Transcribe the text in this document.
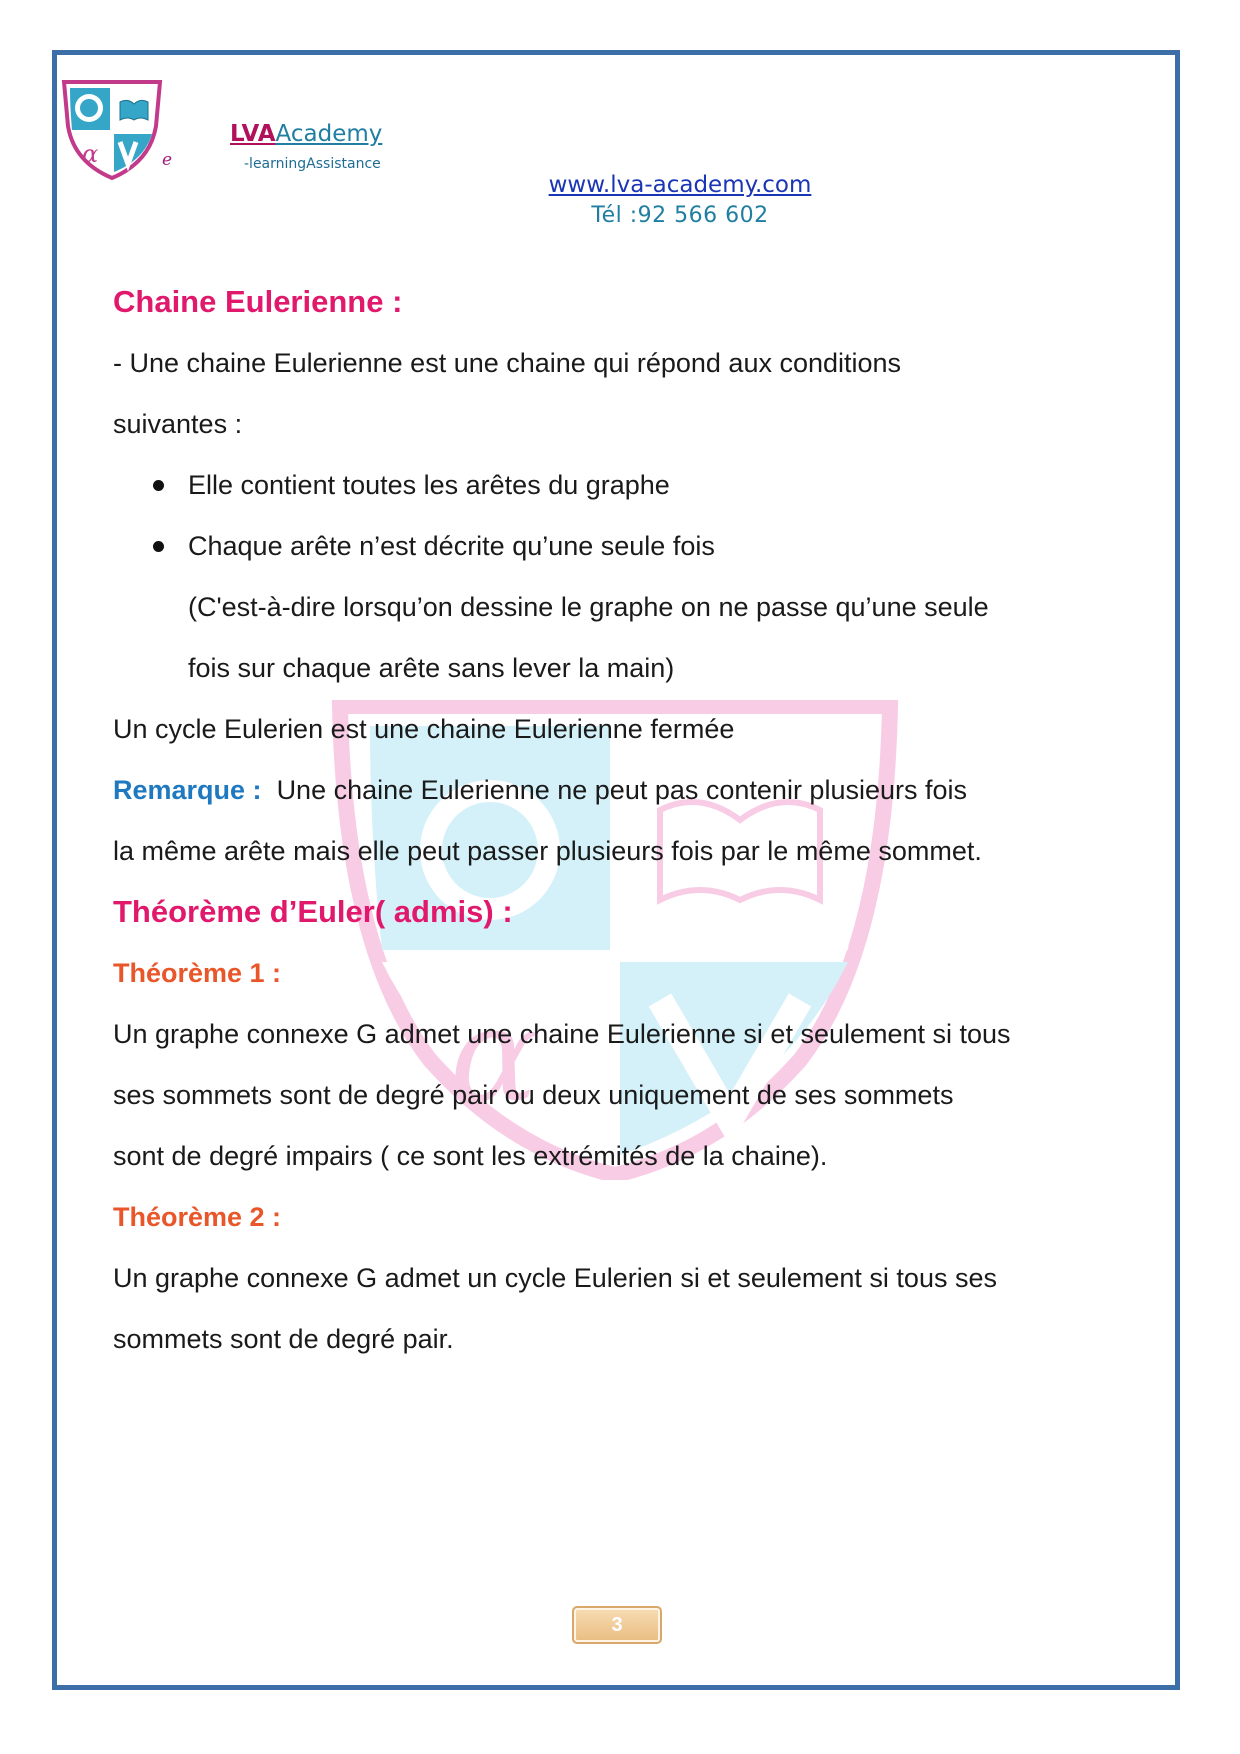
α	e
LVAAcademy
-learningAssistance
www.lva-academy.com
Tél :92 566 602
α
Chaine Eulerienne :
- Une chaine Eulerienne est une chaine qui répond aux conditions
suivantes :
Elle contient toutes les arêtes du graphe
Chaque arête n’est décrite qu’une seule fois
(C'est-à-dire lorsqu’on dessine le graphe on ne passe qu’une seule
fois sur chaque arête sans lever la main)
Un cycle Eulerien est une chaine Eulerienne fermée
Remarque : Une chaine Eulerienne ne peut pas contenir plusieurs fois
la même arête mais elle peut passer plusieurs fois par le même sommet.
Théorème d’Euler( admis) :
Théorème 1 :
Un graphe connexe G admet une chaine Eulerienne si et seulement si tous
ses sommets sont de degré pair ou deux uniquement de ses sommets
sont de degré impairs ( ce sont les extrémités de la chaine).
Théorème 2 :
Un graphe connexe G admet un cycle Eulerien si et seulement si tous ses
sommets sont de degré pair.
3
